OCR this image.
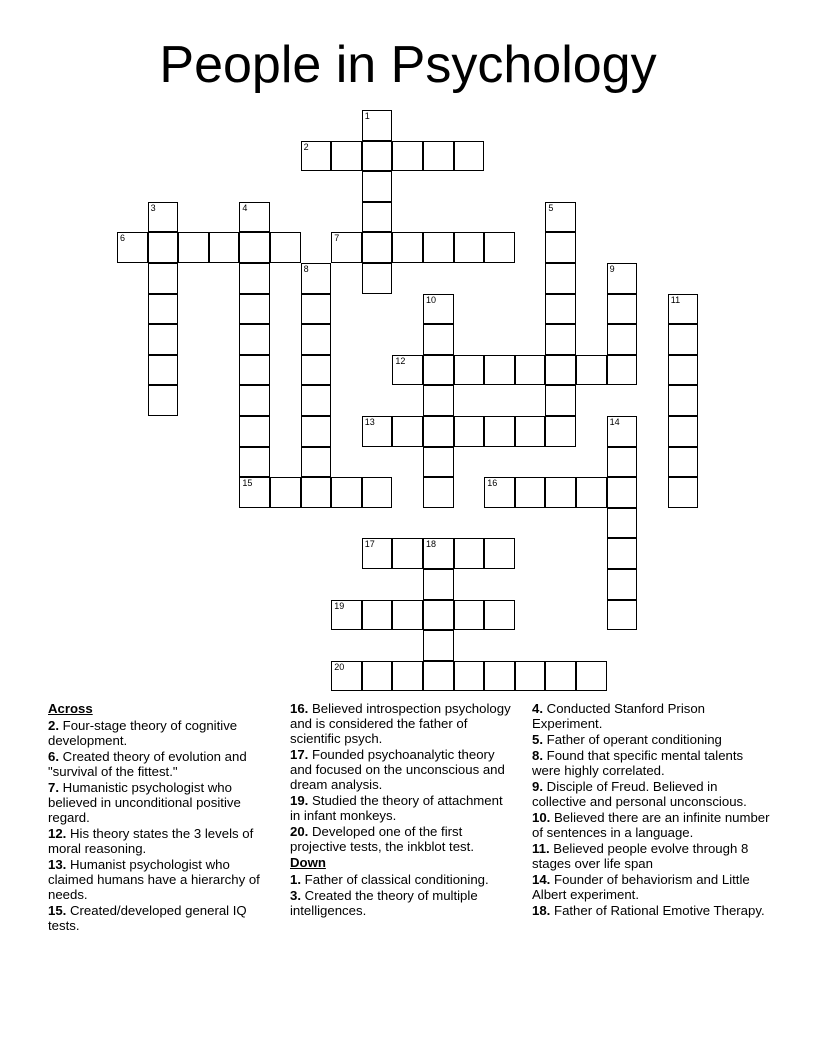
People in Psychology
1
2
3	4	5
6	7
8	9
10	11
12
13	14
15	16
17	18
19
20
Across
2. Four-stage theory of cognitive development.
6. Created theory of evolution and "survival of the fittest."
7. Humanistic psychologist who believed in unconditional positive regard.
12. His theory states the 3 levels of moral reasoning.
13. Humanist psychologist who claimed humans have a hierarchy of needs.
15. Created/developed general IQ tests.
16. Believed introspection psychology and is considered the father of scientific psych.
17. Founded psychoanalytic theory and focused on the unconscious and dream analysis.
19. Studied the theory of attachment in infant monkeys.
20. Developed one of the first projective tests, the inkblot test.
Down
1. Father of classical conditioning.
3. Created the theory of multiple intelligences.
4. Conducted Stanford Prison Experiment.
5. Father of operant conditioning
8. Found that specific mental talents were highly correlated.
9. Disciple of Freud. Believed in collective and personal unconscious.
10. Believed there are an infinite number of sentences in a language.
11. Believed people evolve through 8 stages over life span
14. Founder of behaviorism and Little Albert experiment.
18. Father of Rational Emotive Therapy.
